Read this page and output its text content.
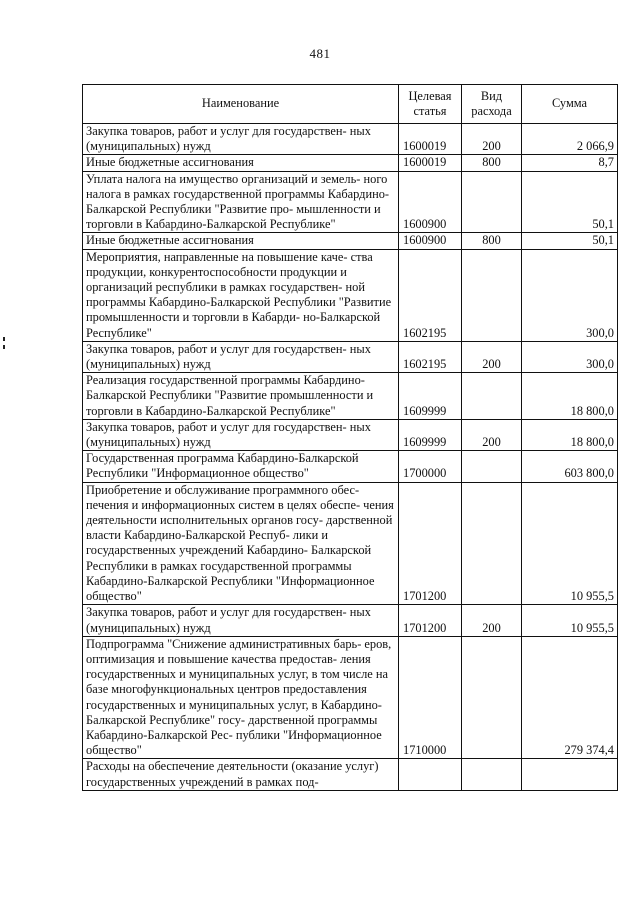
481
Наименование	Целевая статья	Вид расхода	Сумма
Закупка товаров, работ и услуг для государствен- ных (муниципальных) нужд	1600019	200	2 066,9
Иные бюджетные ассигнования	1600019	800	8,7
Уплата налога на имущество организаций и земель- ного налога в рамках государственной программы Кабардино-Балкарской Республики "Развитие про- мышленности и торговли в Кабардино-Балкарской Республике"	1600900		50,1
Иные бюджетные ассигнования	1600900	800	50,1
Мероприятия, направленные на повышение каче- ства продукции, конкурентоспособности продукции и организаций республики в рамках государствен- ной программы Кабардино-Балкарской Республики "Развитие промышленности и торговли в Кабарди- но-Балкарской Республике"	1602195		300,0
Закупка товаров, работ и услуг для государствен- ных (муниципальных) нужд	1602195	200	300,0
Реализация государственной программы Кабардино- Балкарской Республики "Развитие промышленности и торговли в Кабардино-Балкарской Республике"	1609999		18 800,0
Закупка товаров, работ и услуг для государствен- ных (муниципальных) нужд	1609999	200	18 800,0
Государственная программа Кабардино-Балкарской Республики "Информационное общество"	1700000		603 800,0
Приобретение и обслуживание программного обес- печения и информационных систем в целях обеспе- чения деятельности исполнительных органов госу- дарственной власти Кабардино-Балкарской Респуб- лики и государственных учреждений Кабардино- Балкарской Республики в рамках государственной программы Кабардино-Балкарской Республики "Информационное общество"	1701200		10 955,5
Закупка товаров, работ и услуг для государствен- ных (муниципальных) нужд	1701200	200	10 955,5
Подпрограмма "Снижение административных барь- еров, оптимизация и повышение качества предостав- ления государственных и муниципальных услуг, в том числе на базе многофункциональных центров предоставления государственных и муниципальных услуг, в Кабардино-Балкарской Республике" госу- дарственной программы Кабардино-Балкарской Рес- публики "Информационное общество"	1710000		279 374,4
Расходы на обеспечение деятельности (оказание услуг) государственных учреждений в рамках под-			
